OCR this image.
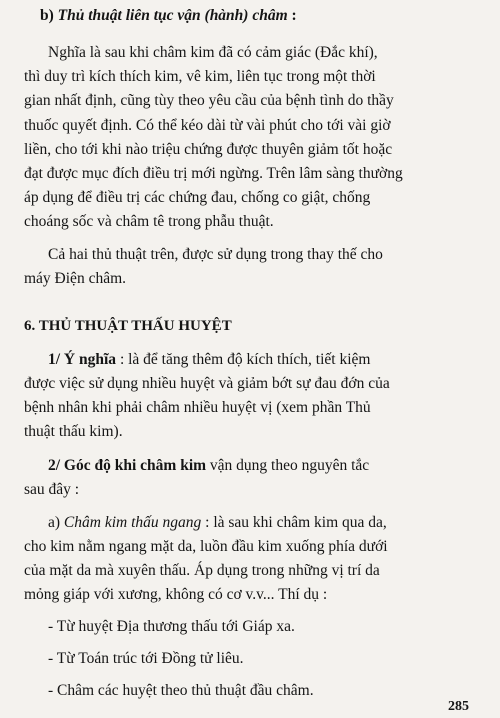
b) Thủ thuật liên tục vận (hành) châm :
Nghĩa là sau khi châm kim đã có cảm giác (Đắc khí),
thì duy trì kích thích kim, vê kim, liên tục trong một thời
gian nhất định, cũng tùy theo yêu cầu của bệnh tình do thầy
thuốc quyết định. Có thể kéo dài từ vài phút cho tới vài giờ
liền, cho tới khi nào triệu chứng được thuyên giảm tốt hoặc
đạt được mục đích điều trị mới ngừng. Trên lâm sàng thường
áp dụng để điều trị các chứng đau, chống co giật, chống
choáng sốc và châm tê trong phẫu thuật.
Cả hai thủ thuật trên, được sử dụng trong thay thế cho
máy Điện châm.
6. THỦ THUẬT THẤU HUYỆT
1/ Ý nghĩa : là để tăng thêm độ kích thích, tiết kiệm
được việc sử dụng nhiều huyệt và giảm bớt sự đau đớn của
bệnh nhân khi phải châm nhiều huyệt vị (xem phần Thủ
thuật thấu kim).
2/ Góc độ khi châm kim vận dụng theo nguyên tắc
sau đây :
a) Châm kim thấu ngang : là sau khi châm kim qua da,
cho kim nằm ngang mặt da, luồn đầu kim xuống phía dưới
của mặt da mà xuyên thấu. Áp dụng trong những vị trí da
mỏng giáp với xương, không có cơ v.v... Thí dụ :
- Từ huyệt Địa thương thấu tới Giáp xa.
- Từ Toán trúc tới Đồng tử liêu.
- Châm các huyệt theo thủ thuật đầu châm.
285
